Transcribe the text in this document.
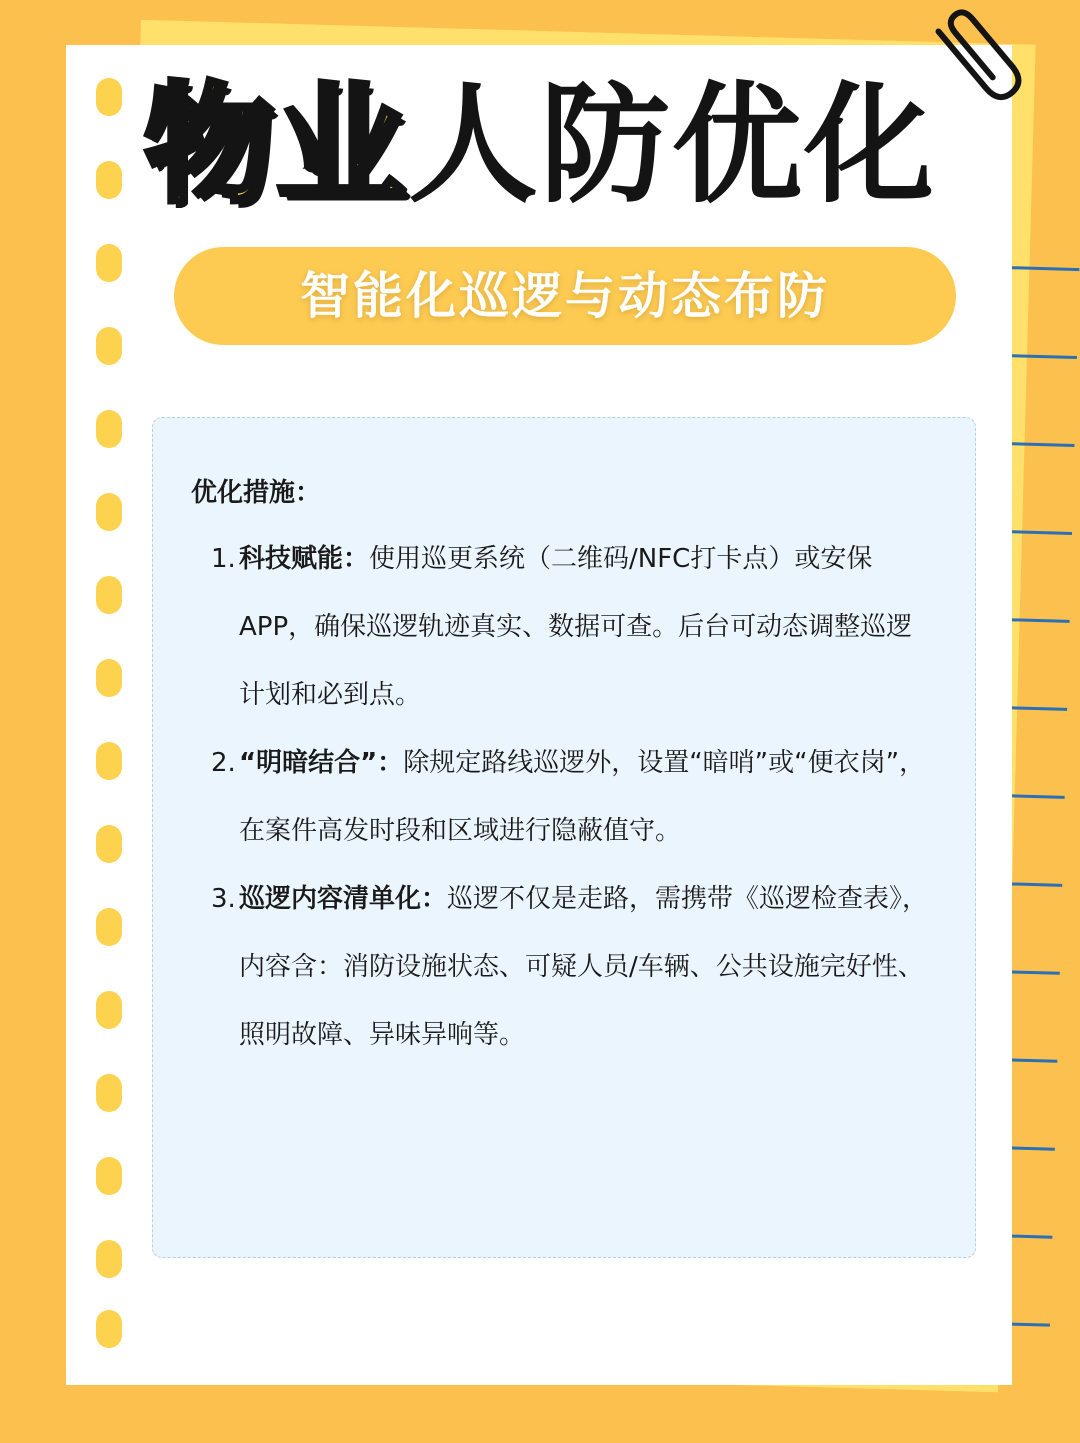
物业人防优化
智能化巡逻与动态布防
优化措施：
1. 科技赋能：使用巡更系统（二维码/NFC打卡点）或安保APP，确保巡逻轨迹真实、数据可查。后台可动态调整巡逻计划和必到点。
2. “明暗结合”：除规定路线巡逻外，设置“暗哨”或“便衣岗”，在案件高发时段和区域进行隐蔽值守。
3. 巡逻内容清单化：巡逻不仅是走路，需携带《巡逻检查表》，内容含：消防设施状态、可疑人员/车辆、公共设施完好性、照明故障、异味异响等。
